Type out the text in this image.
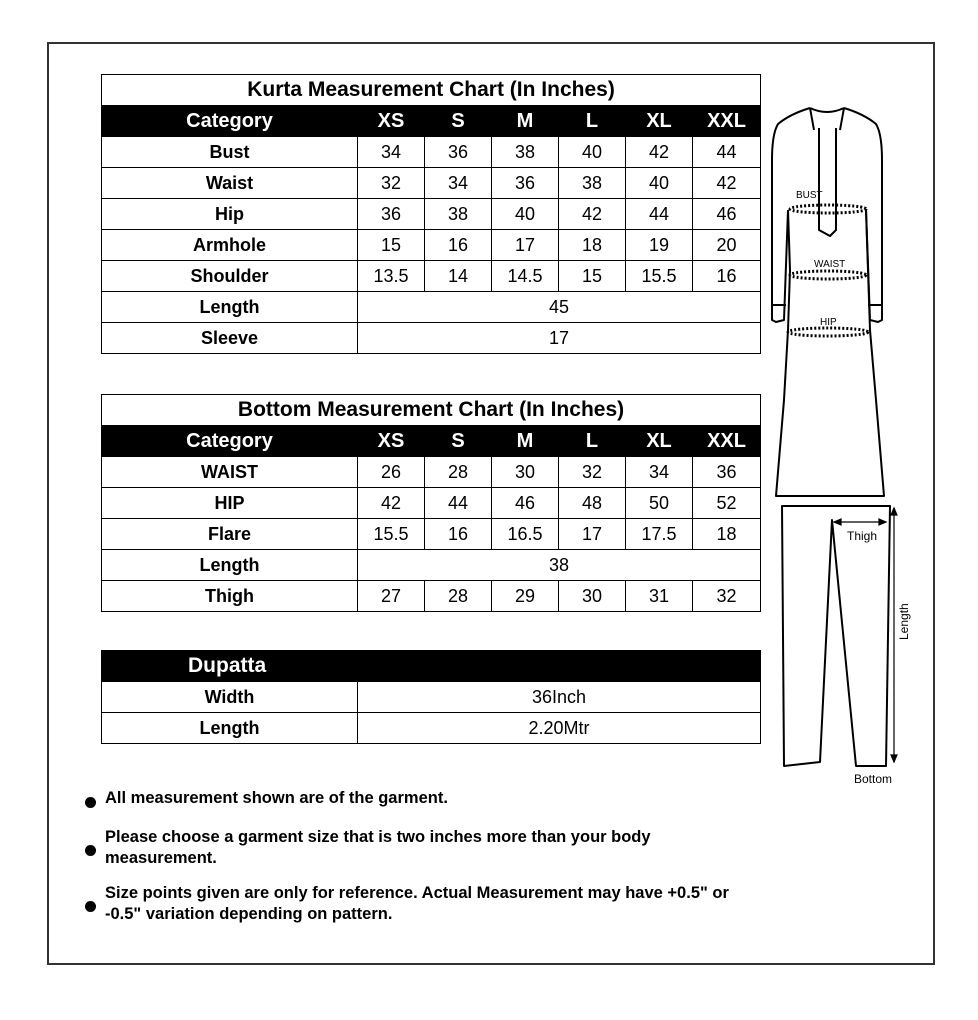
Kurta Measurement Chart (In Inches)						
Category	XS	S	M	L	XL	XXL
Bust	34	36	38	40	42	44
Waist	32	34	36	38	40	42
Hip	36	38	40	42	44	46
Armhole	15	16	17	18	19	20
Shoulder	13.5	14	14.5	15	15.5	16
Length	45					
Sleeve	17					
Bottom Measurement Chart (In Inches)						
Category	XS	S	M	L	XL	XXL
WAIST	26	28	30	32	34	36
HIP	42	44	46	48	50	52
Flare	15.5	16	16.5	17	17.5	18
Length	38					
Thigh	27	28	29	30	31	32
Dupatta	
Width	36Inch
Length	2.20Mtr
All measurement shown are of the garment.
Please choose a garment size that is two inches more than your body measurement.
Size points given are only for reference. Actual Measurement may have +0.5" or -0.5" variation depending on pattern.
BUST
WAIST
HIP
Thigh
Length
Bottom
